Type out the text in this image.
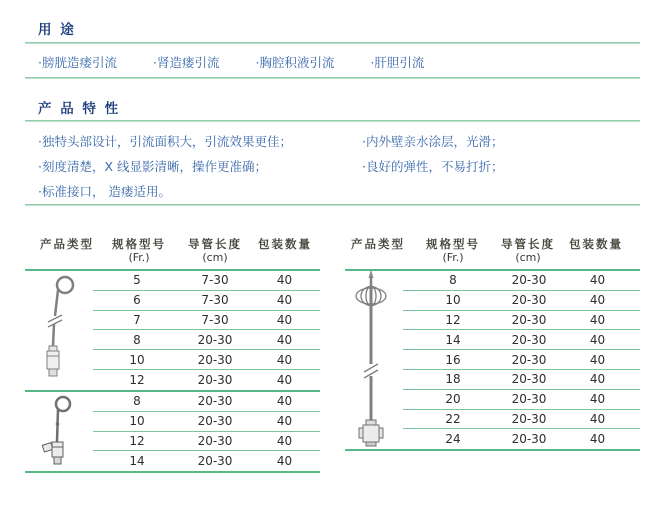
用 途
·膀胱造瘘引流	·肾造瘘引流	·胸腔积液引流	·肝胆引流
产 品 特 性
·独特头部设计，引流面积大，引流效果更佳；
·刻度清楚，X 线显影清晰，操作更准确；
·标准接口， 造瘘适用。
·内外壁亲水涂层，光滑；
·良好的弹性，不易打折；
产品类型 规格型号 导管长度 包装数量
(Fr.)	(cm)
5	7-30	40
6	7-30	40
7	7-30	40
8	20-30	40
10	20-30	40
12	20-30	40
8	20-30	40
10	20-30	40
12	20-30	40
14	20-30	40
产品类型 规格型号 导管长度 包装数量
(Fr.)	(cm)
8	20-30	40
10	20-30	40
12	20-30	40
14	20-30	40
16	20-30	40
18	20-30	40
20	20-30	40
22	20-30	40
24	20-30	40
